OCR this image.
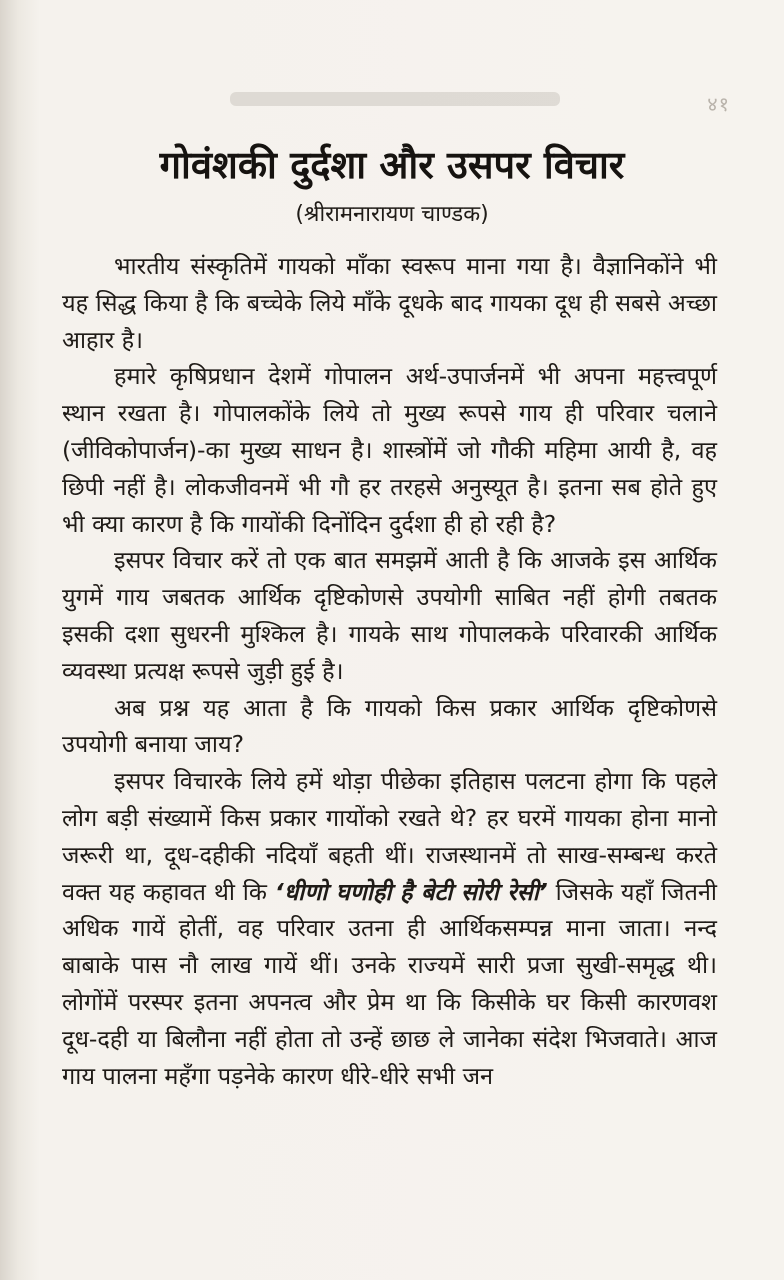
४१
गोवंशकी दुर्दशा और उसपर विचार
(श्रीरामनारायण चाण्डक)

भारतीय संस्कृतिमें गायको माँका स्वरूप माना गया है। वैज्ञानिकोंने भी यह सिद्ध किया है कि बच्चेके लिये माँके दूधके बाद गायका दूध ही सबसे अच्छा आहार है।

हमारे कृषिप्रधान देशमें गोपालन अर्थ-उपार्जनमें भी अपना महत्त्वपूर्ण स्थान रखता है। गोपालकोंके लिये तो मुख्य रूपसे गाय ही परिवार चलाने (जीविकोपार्जन)-का मुख्य साधन है। शास्त्रोंमें जो गौकी महिमा आयी है, वह छिपी नहीं है। लोकजीवनमें भी गौ हर तरहसे अनुस्यूत है। इतना सब होते हुए भी क्या कारण है कि गायोंकी दिनोंदिन दुर्दशा ही हो रही है?

इसपर विचार करें तो एक बात समझमें आती है कि आजके इस आर्थिक युगमें गाय जबतक आर्थिक दृष्टिकोणसे उपयोगी साबित नहीं होगी तबतक इसकी दशा सुधरनी मुश्किल है। गायके साथ गोपालकके परिवारकी आर्थिक व्यवस्था प्रत्यक्ष रूपसे जुड़ी हुई है।

अब प्रश्न यह आता है कि गायको किस प्रकार आर्थिक दृष्टिकोणसे उपयोगी बनाया जाय?

इसपर विचारके लिये हमें थोड़ा पीछेका इतिहास पलटना होगा कि पहले लोग बड़ी संख्यामें किस प्रकार गायोंको रखते थे? हर घरमें गायका होना मानो जरूरी था, दूध-दहीकी नदियाँ बहती थीं। राजस्थानमें तो साख-सम्बन्ध करते वक्त यह कहावत थी कि ‘धीणो घणोही है बेटी सोरी रेसी’ जिसके यहाँ जितनी अधिक गायें होतीं, वह परिवार उतना ही आर्थिकसम्पन्न माना जाता। नन्द बाबाके पास नौ लाख गायें थीं। उनके राज्यमें सारी प्रजा सुखी-समृद्ध थी। लोगोंमें परस्पर इतना अपनत्व और प्रेम था कि किसीके घर किसी कारणवश दूध-दही या बिलौना नहीं होता तो उन्हें छाछ ले जानेका संदेश भिजवाते। आज गाय पालना महँगा पड़नेके कारण धीरे-धीरे सभी जन
